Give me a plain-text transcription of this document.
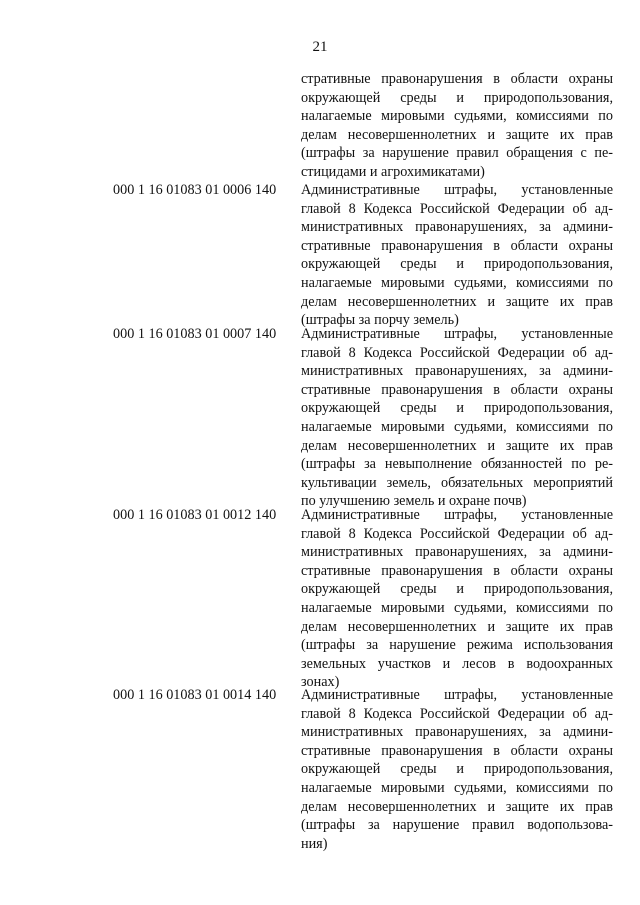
21
стративные правонарушения в области охраны
окружающей среды и природопользования,
налагаемые мировыми судьями, комиссиями по
делам несовершеннолетних и защите их прав
(штрафы за нарушение правил обращения с пе-
стицидами и агрохимикатами)
000 1 16 01083 01 0006 140	Административные штрафы, установленные
главой 8 Кодекса Российской Федерации об ад-
министративных правонарушениях, за админи-
стративные правонарушения в области охраны
окружающей среды и природопользования,
налагаемые мировыми судьями, комиссиями по
делам несовершеннолетних и защите их прав
(штрафы за порчу земель)
000 1 16 01083 01 0007 140	Административные штрафы, установленные
главой 8 Кодекса Российской Федерации об ад-
министративных правонарушениях, за админи-
стративные правонарушения в области охраны
окружающей среды и природопользования,
налагаемые мировыми судьями, комиссиями по
делам несовершеннолетних и защите их прав
(штрафы за невыполнение обязанностей по ре-
культивации земель, обязательных мероприятий
по улучшению земель и охране почв)
000 1 16 01083 01 0012 140	Административные штрафы, установленные
главой 8 Кодекса Российской Федерации об ад-
министративных правонарушениях, за админи-
стративные правонарушения в области охраны
окружающей среды и природопользования,
налагаемые мировыми судьями, комиссиями по
делам несовершеннолетних и защите их прав
(штрафы за нарушение режима использования
земельных участков и лесов в водоохранных
зонах)
000 1 16 01083 01 0014 140	Административные штрафы, установленные
главой 8 Кодекса Российской Федерации об ад-
министративных правонарушениях, за админи-
стративные правонарушения в области охраны
окружающей среды и природопользования,
налагаемые мировыми судьями, комиссиями по
делам несовершеннолетних и защите их прав
(штрафы за нарушение правил водопользова-
ния)
